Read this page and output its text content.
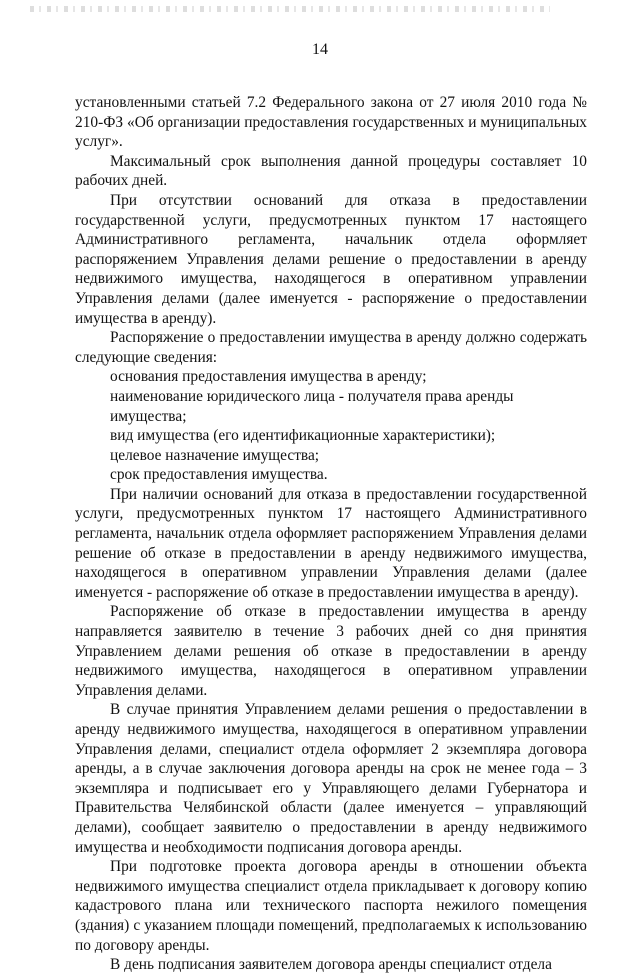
14

установленными статьей 7.2 Федерального закона от 27 июля 2010 года № 210-ФЗ «Об организации предоставления государственных и муниципальных услуг».

Максимальный срок выполнения данной процедуры составляет 10 рабочих дней.

При отсутствии оснований для отказа в предоставлении государственной услуги, предусмотренных пунктом 17 настоящего Административного регламента, начальник отдела оформляет распоряжением Управления делами решение о предоставлении в аренду недвижимого имущества, находящегося в оперативном управлении Управления делами (далее именуется - распоряжение о предоставлении имущества в аренду).

Распоряжение о предоставлении имущества в аренду должно содержать следующие сведения:

основания предоставления имущества в аренду;

наименование юридического лица - получателя права аренды имущества;

вид имущества (его идентификационные характеристики);

целевое назначение имущества;

срок предоставления имущества.

При наличии оснований для отказа в предоставлении государственной услуги, предусмотренных пунктом 17 настоящего Административного регламента, начальник отдела оформляет распоряжением Управления делами решение об отказе в предоставлении в аренду недвижимого имущества, находящегося в оперативном управлении Управления делами (далее именуется - распоряжение об отказе в предоставлении имущества в аренду).

Распоряжение об отказе в предоставлении имущества в аренду направляется заявителю в течение 3 рабочих дней со дня принятия Управлением делами решения об отказе в предоставлении в аренду недвижимого имущества, находящегося в оперативном управлении Управления делами.

В случае принятия Управлением делами решения о предоставлении в аренду недвижимого имущества, находящегося в оперативном управлении Управления делами, специалист отдела оформляет 2 экземпляра договора аренды, а в случае заключения договора аренды на срок не менее года – 3 экземпляра и подписывает его у Управляющего делами Губернатора и Правительства Челябинской области (далее именуется – управляющий делами), сообщает заявителю о предоставлении в аренду недвижимого имущества и необходимости подписания договора аренды.

При подготовке проекта договора аренды в отношении объекта недвижимого имущества специалист отдела прикладывает к договору копию кадастрового плана или технического паспорта нежилого помещения (здания) с указанием площади помещений, предполагаемых к использованию по договору аренды.

В день подписания заявителем договора аренды специалист отдела
